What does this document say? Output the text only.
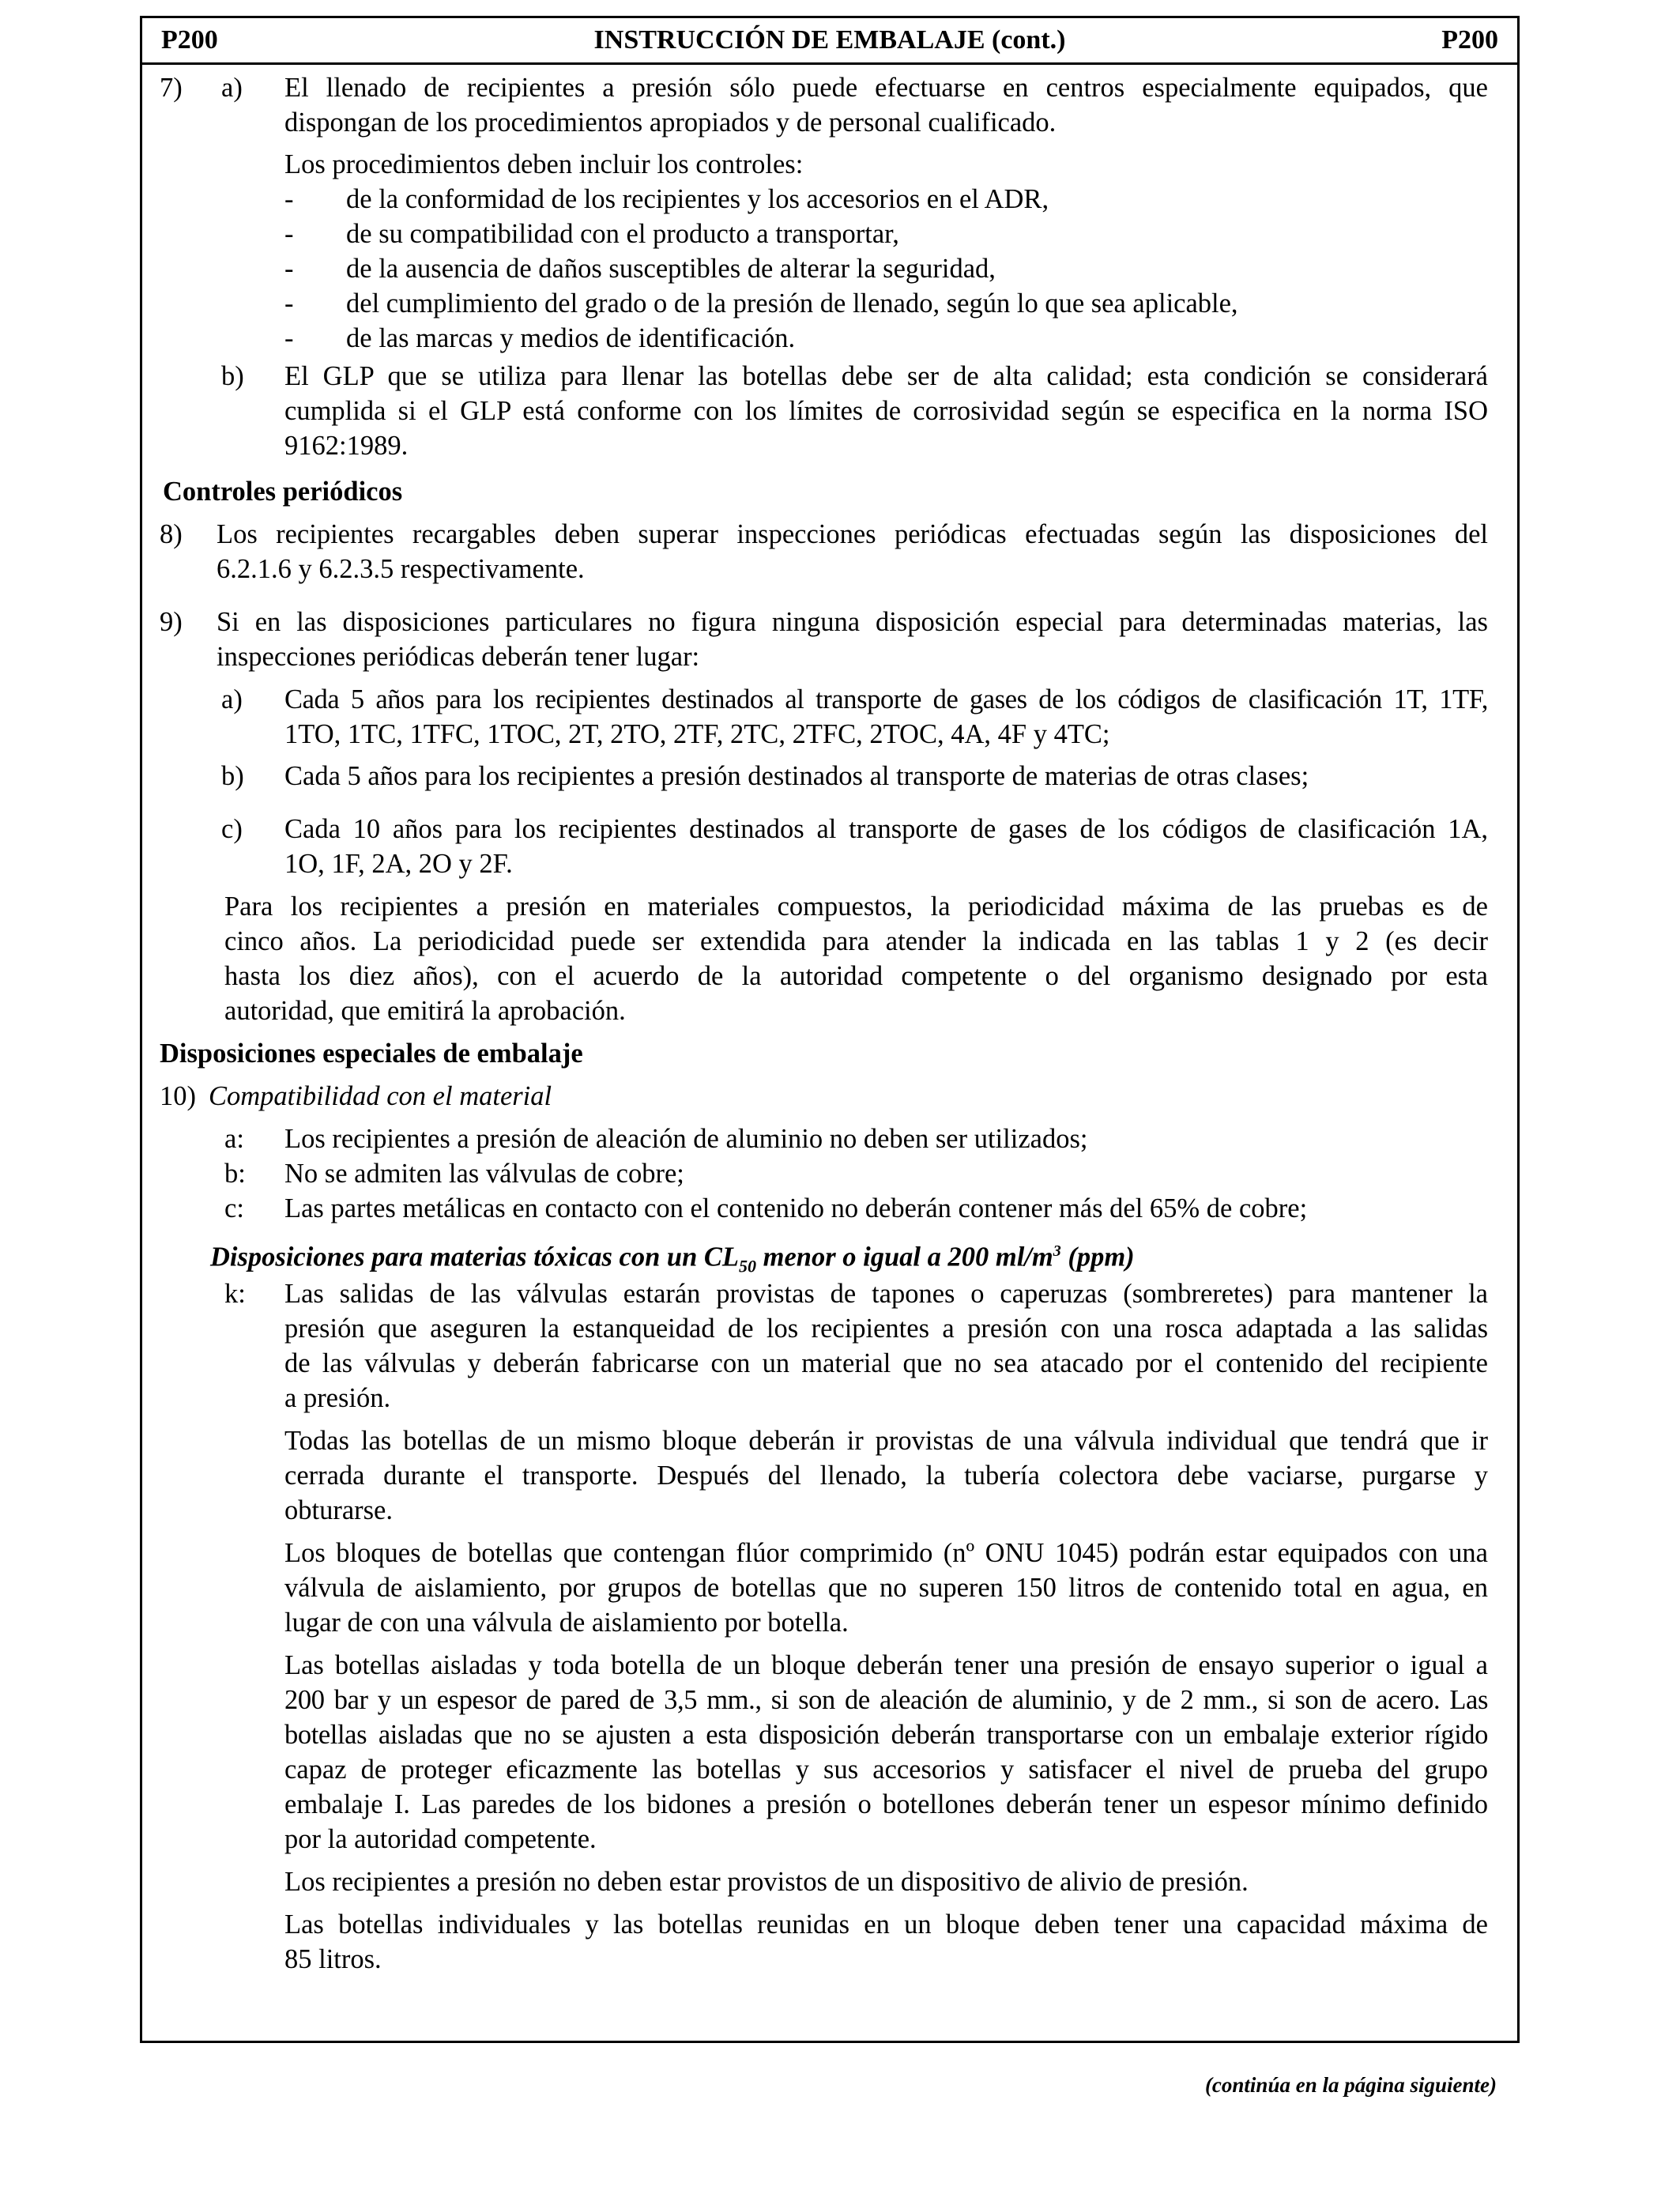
P200	INSTRUCCIÓN DE EMBALAJE (cont.)	P200
7) a) El llenado de recipientes a presión sólo puede efectuarse en centros especialmente equipados, que
dispongan de los procedimientos apropiados y de personal cualificado.
Los procedimientos deben incluir los controles:
- de la conformidad de los recipientes y los accesorios en el ADR,
- de su compatibilidad con el producto a transportar,
- de la ausencia de daños susceptibles de alterar la seguridad,
- del cumplimiento del grado o de la presión de llenado, según lo que sea aplicable,
- de las marcas y medios de identificación.
b) El GLP que se utiliza para llenar las botellas debe ser de alta calidad; esta condición se considerará
cumplida si el GLP está conforme con los límites de corrosividad según se especifica en la norma ISO
9162:1989.
Controles periódicos
8) Los recipientes recargables deben superar inspecciones periódicas efectuadas según las disposiciones del
6.2.1.6 y 6.2.3.5 respectivamente.
9) Si en las disposiciones particulares no figura ninguna disposición especial para determinadas materias, las
inspecciones periódicas deberán tener lugar:
a) Cada 5 años para los recipientes destinados al transporte de gases de los códigos de clasificación 1T, 1TF,
1TO, 1TC, 1TFC, 1TOC, 2T, 2TO, 2TF, 2TC, 2TFC, 2TOC, 4A, 4F y 4TC;
b) Cada 5 años para los recipientes a presión destinados al transporte de materias de otras clases;
c) Cada 10 años para los recipientes destinados al transporte de gases de los códigos de clasificación 1A,
1O, 1F, 2A, 2O y 2F.
Para los recipientes a presión en materiales compuestos, la periodicidad máxima de las pruebas es de
cinco años. La periodicidad puede ser extendida para atender la indicada en las tablas 1 y 2 (es decir
hasta los diez años), con el acuerdo de la autoridad competente o del organismo designado por esta
autoridad, que emitirá la aprobación.
Disposiciones especiales de embalaje
10) Compatibilidad con el material
a: Los recipientes a presión de aleación de aluminio no deben ser utilizados;
b: No se admiten las válvulas de cobre;
c: Las partes metálicas en contacto con el contenido no deberán contener más del 65% de cobre;
Disposiciones para materias tóxicas con un $CL_{50}$ menor o igual a 200 $ml/m^3$ (ppm)
k: Las salidas de las válvulas estarán provistas de tapones o caperuzas (sombreretes) para mantener la
presión que aseguren la estanqueidad de los recipientes a presión con una rosca adaptada a las salidas
de las válvulas y deberán fabricarse con un material que no sea atacado por el contenido del recipiente
a presión.
Todas las botellas de un mismo bloque deberán ir provistas de una válvula individual que tendrá que ir
cerrada durante el transporte. Después del llenado, la tubería colectora debe vaciarse, purgarse y
obturarse.
Los bloques de botellas que contengan flúor comprimido (nº ONU 1045) podrán estar equipados con una
válvula de aislamiento, por grupos de botellas que no superen 150 litros de contenido total en agua, en
lugar de con una válvula de aislamiento por botella.
Las botellas aisladas y toda botella de un bloque deberán tener una presión de ensayo superior o igual a
200 bar y un espesor de pared de 3,5 mm., si son de aleación de aluminio, y de 2 mm., si son de acero. Las
botellas aisladas que no se ajusten a esta disposición deberán transportarse con un embalaje exterior rígido
capaz de proteger eficazmente las botellas y sus accesorios y satisfacer el nivel de prueba del grupo
embalaje I. Las paredes de los bidones a presión o botellones deberán tener un espesor mínimo definido
por la autoridad competente.
Los recipientes a presión no deben estar provistos de un dispositivo de alivio de presión.
Las botellas individuales y las botellas reunidas en un bloque deben tener una capacidad máxima de
85 litros.
(continúa en la página siguiente)
